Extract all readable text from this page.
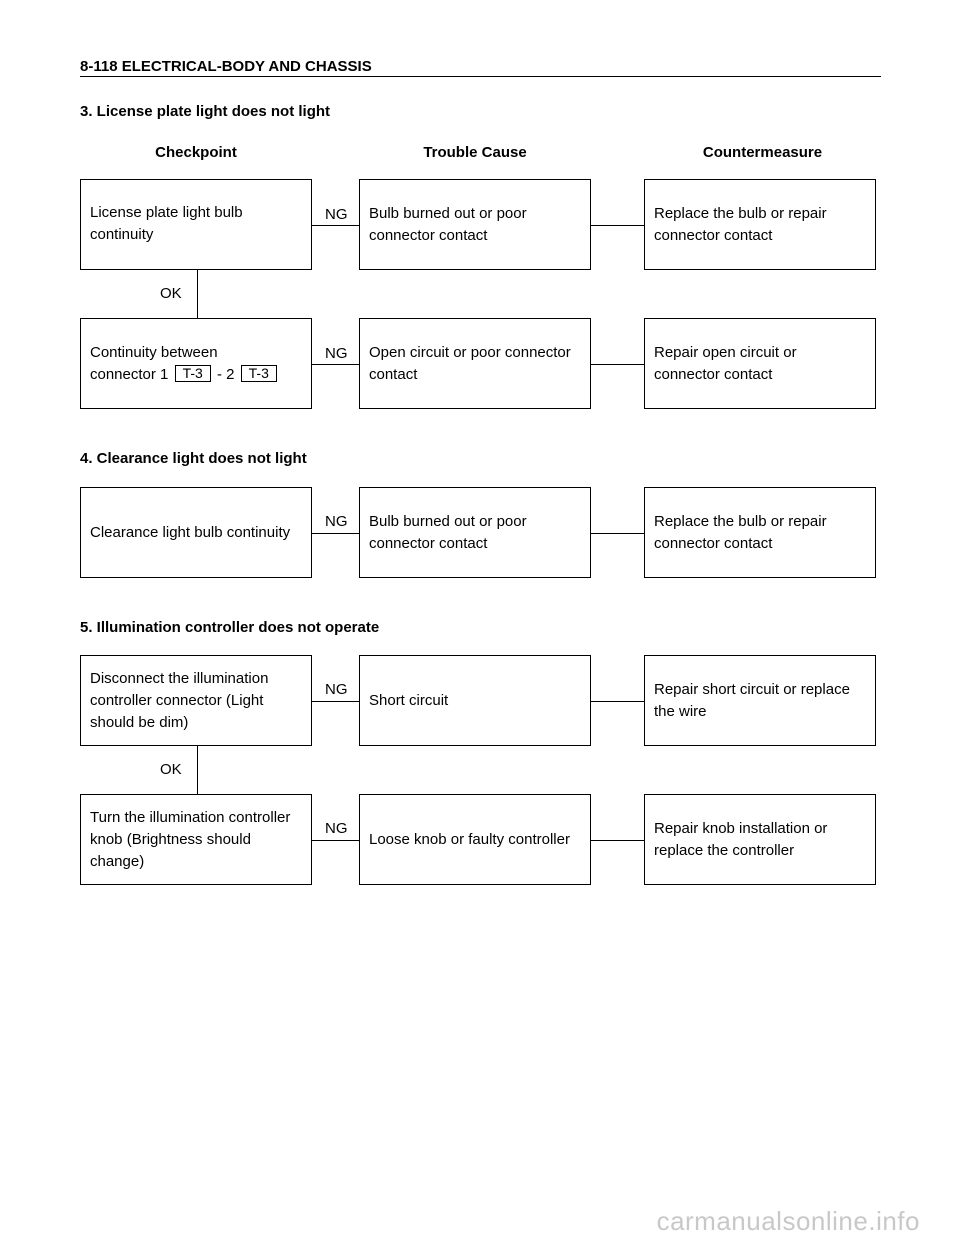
8-118 ELECTRICAL-BODY AND CHASSIS
3. License plate light does not light
Checkpoint	Trouble Cause	Countermeasure
License plate light bulb
continuity
NG Bulb burned out or poor
connector contact
Replace the bulb or repair
connector contact
OK
Continuity between
connector 1 T-3 - 2 T-3
NG Open circuit or poor connector
contact
Repair open circuit or
connector contact
4. Clearance light does not light
Clearance light bulb continuity
NG Bulb burned out or poor
connector contact
Replace the bulb or repair
connector contact
5. Illumination controller does not operate
Disconnect the illumination
controller connector (Light
should be dim)
NG
Short circuit
Repair short circuit or replace
the wire
OK
Turn the illumination controller
knob (Brightness should
change)
NG
Loose knob or faulty controller
Repair knob installation or
replace the controller
carmanualsonline.info
